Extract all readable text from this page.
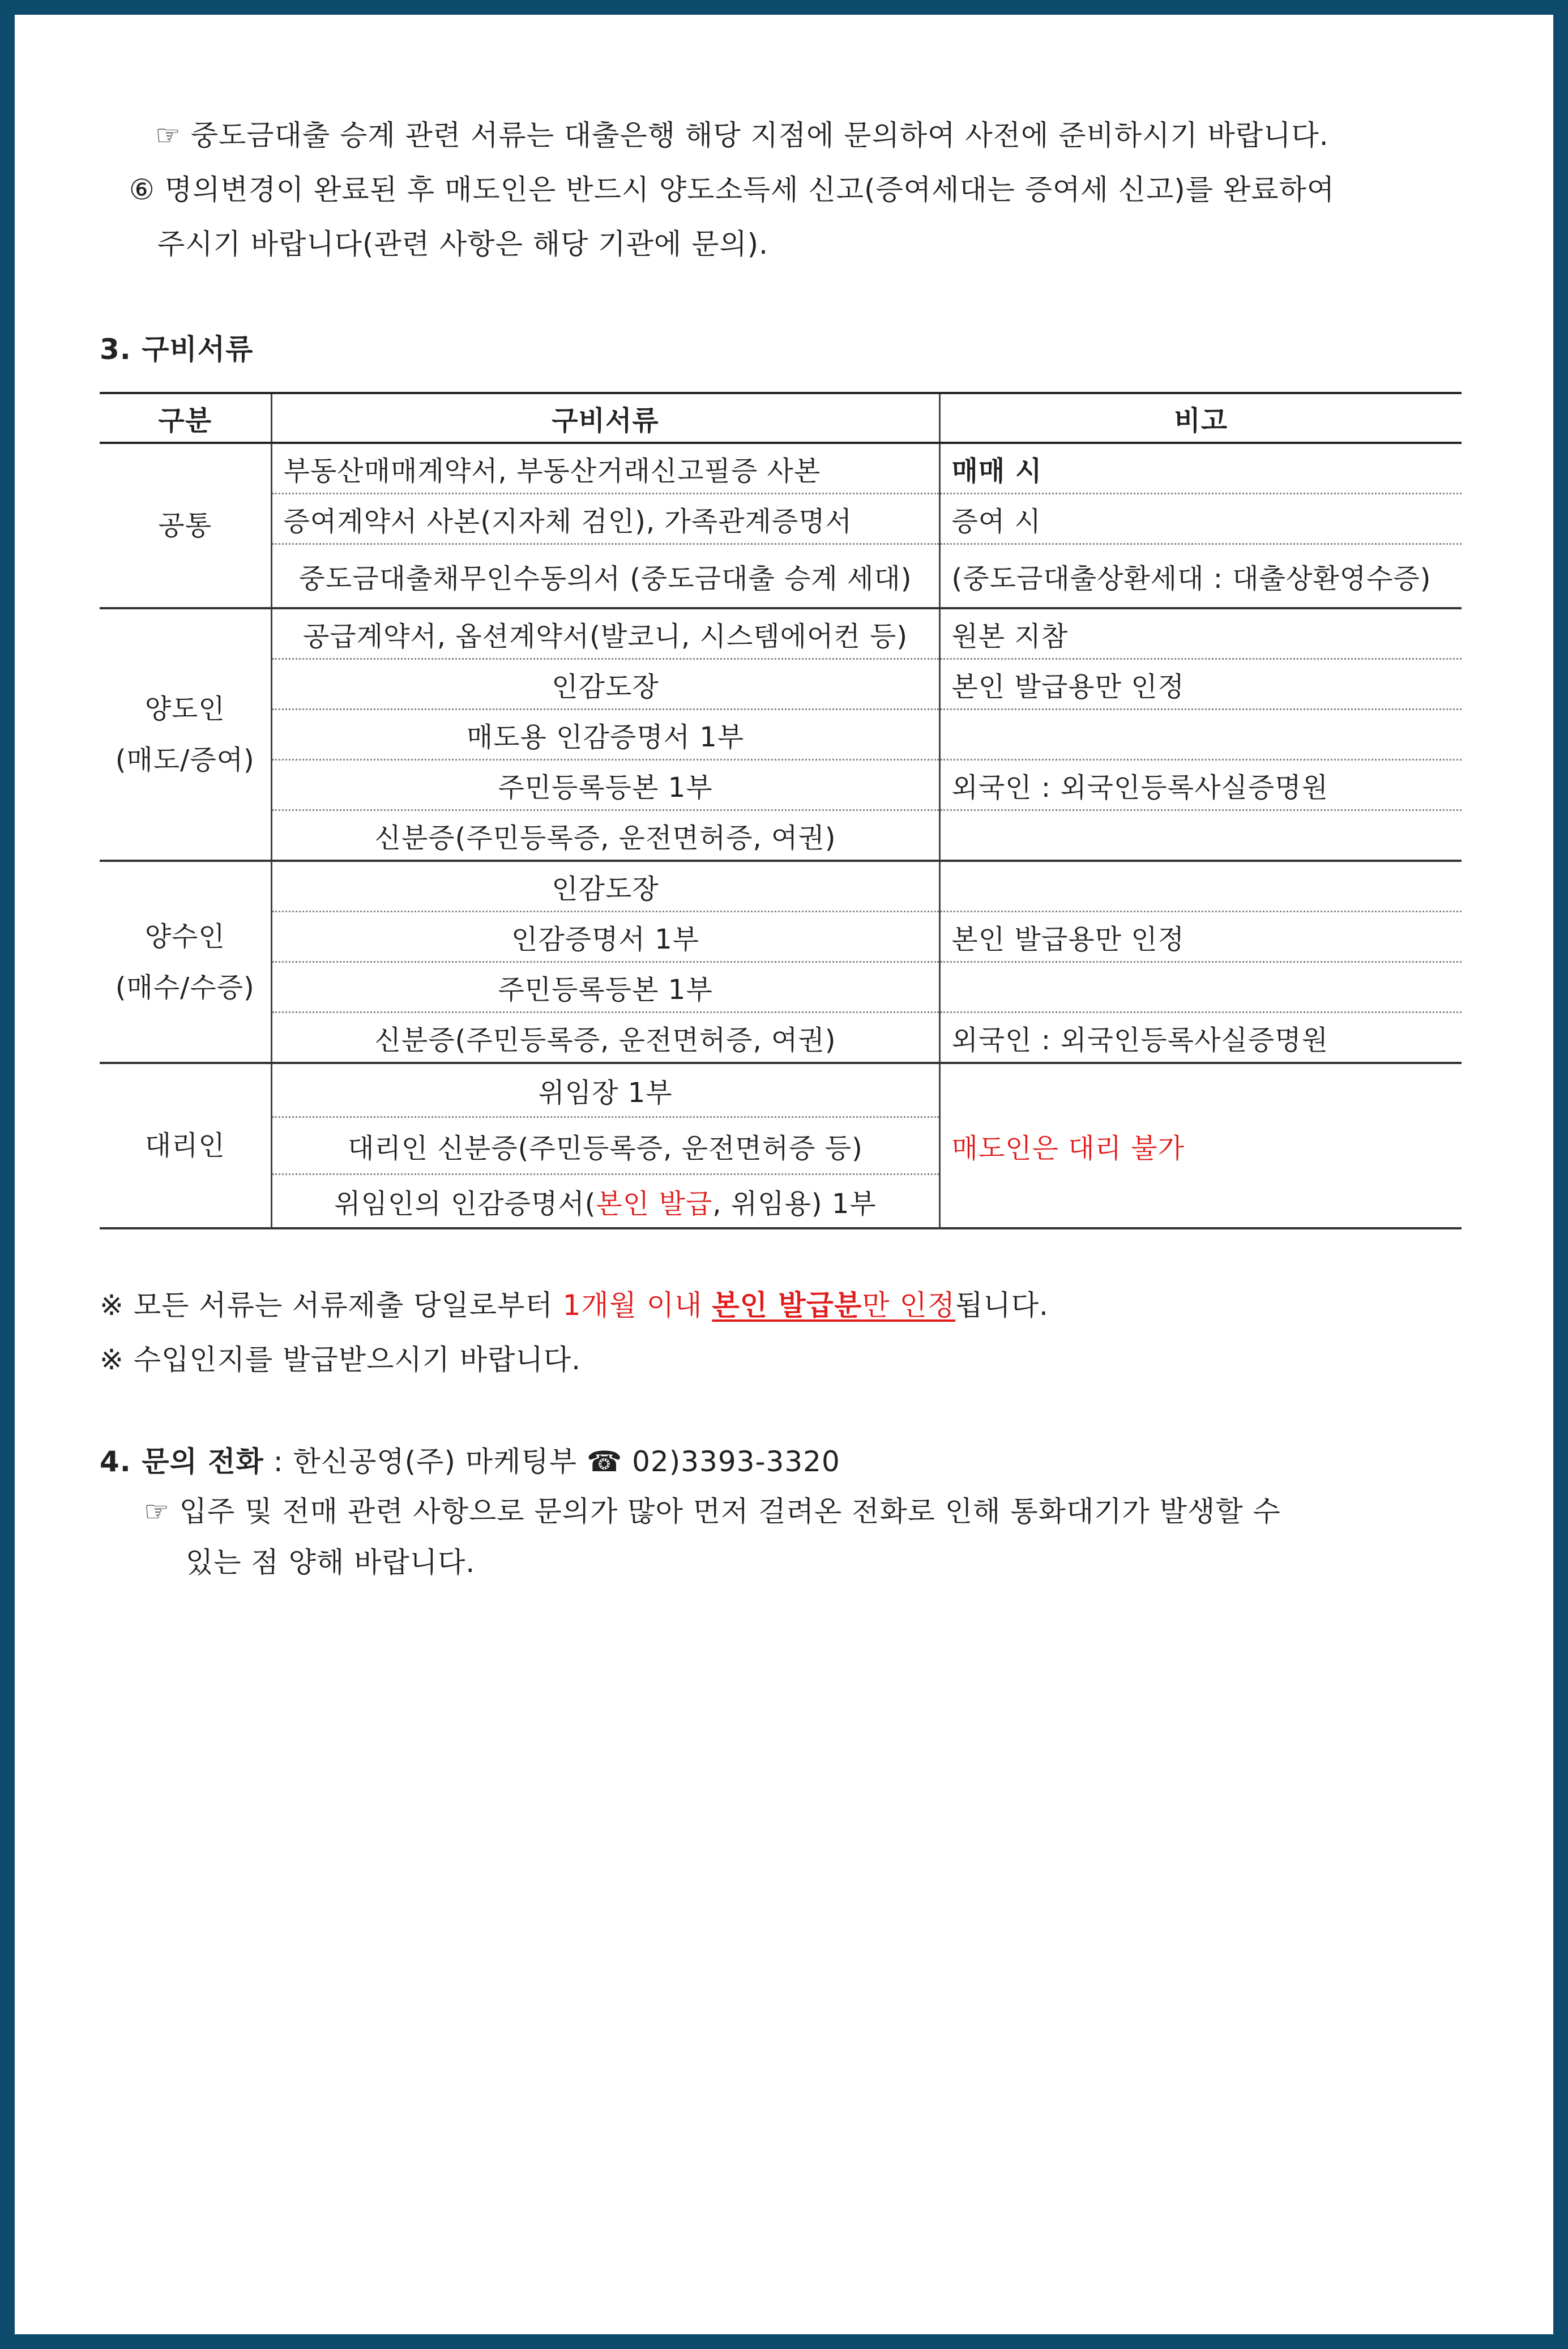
☞ 중도금대출 승계 관련 서류는 대출은행 해당 지점에 문의하여 사전에 준비하시기 바랍니다.
⑥ 명의변경이 완료된 후 매도인은 반드시 양도소득세 신고(증여세대는 증여세 신고)를 완료하여
주시기 바랍니다(관련 사항은 해당 기관에 문의).
3. 구비서류
구분	구비서류	비고
공통	부동산매매계약서, 부동산거래신고필증 사본	매매 시
	증여계약서 사본(지자체 검인), 가족관계증명서	증여 시
	중도금대출채무인수동의서 (중도금대출 승계 세대)	(중도금대출상환세대 : 대출상환영수증)
양도인
(매도/증여)	공급계약서, 옵션계약서(발코니, 시스템에어컨 등)	원본 지참
	인감도장	본인 발급용만 인정
	매도용 인감증명서 1부	
	주민등록등본 1부	외국인 : 외국인등록사실증명원
	신분증(주민등록증, 운전면허증, 여권)	
양수인
(매수/수증)	인감도장	
	인감증명서 1부	본인 발급용만 인정
	주민등록등본 1부	
	신분증(주민등록증, 운전면허증, 여권)	외국인 : 외국인등록사실증명원
대리인	위임장 1부	매도인은 대리 불가
	대리인 신분증(주민등록증, 운전면허증 등)	
	위임인의 인감증명서(본인 발급, 위임용) 1부	
※ 모든 서류는 서류제출 당일로부터 1개월 이내 본인 발급분만 인정됩니다.
※ 수입인지를 발급받으시기 바랍니다.
4. 문의 전화 : 한신공영(주) 마케팅부 ☎ 02)3393-3320
☞ 입주 및 전매 관련 사항으로 문의가 많아 먼저 걸려온 전화로 인해 통화대기가 발생할 수
있는 점 양해 바랍니다.
